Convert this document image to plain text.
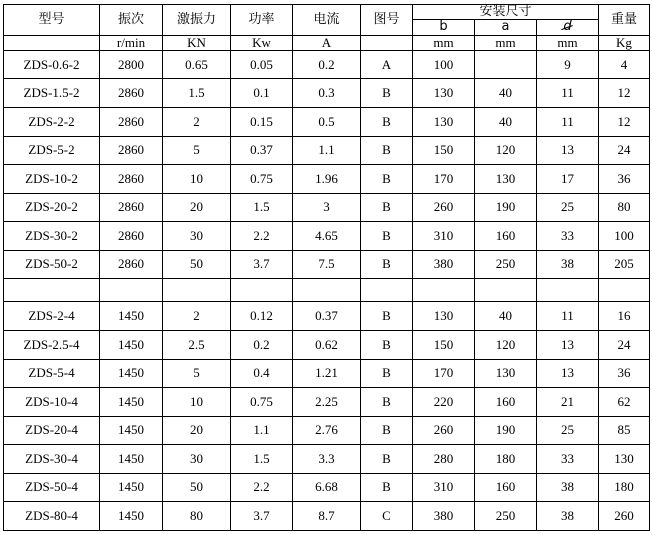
型号	振次	激振力	功率	电流	图号	安装尺寸			重量
						b	a	d	
	r/min	KN	Kw	A		mm	mm	mm	Kg
ZDS-0.6-2	2800	0.65	0.05	0.2	A	100		9	4
ZDS-1.5-2	2860	1.5	0.1	0.3	B	130	40	11	12
ZDS-2-2	2860	2	0.15	0.5	B	130	40	11	12
ZDS-5-2	2860	5	0.37	1.1	B	150	120	13	24
ZDS-10-2	2860	10	0.75	1.96	B	170	130	17	36
ZDS-20-2	2860	20	1.5	3	B	260	190	25	80
ZDS-30-2	2860	30	2.2	4.65	B	310	160	33	100
ZDS-50-2	2860	50	3.7	7.5	B	380	250	38	205

ZDS-2-4	1450	2	0.12	0.37	B	130	40	11	16
ZDS-2.5-4	1450	2.5	0.2	0.62	B	150	120	13	24
ZDS-5-4	1450	5	0.4	1.21	B	170	130	13	36
ZDS-10-4	1450	10	0.75	2.25	B	220	160	21	62
ZDS-20-4	1450	20	1.1	2.76	B	260	190	25	85
ZDS-30-4	1450	30	1.5	3.3	B	280	180	33	130
ZDS-50-4	1450	50	2.2	6.68	B	310	160	38	180
ZDS-80-4	1450	80	3.7	8.7	C	380	250	38	260
